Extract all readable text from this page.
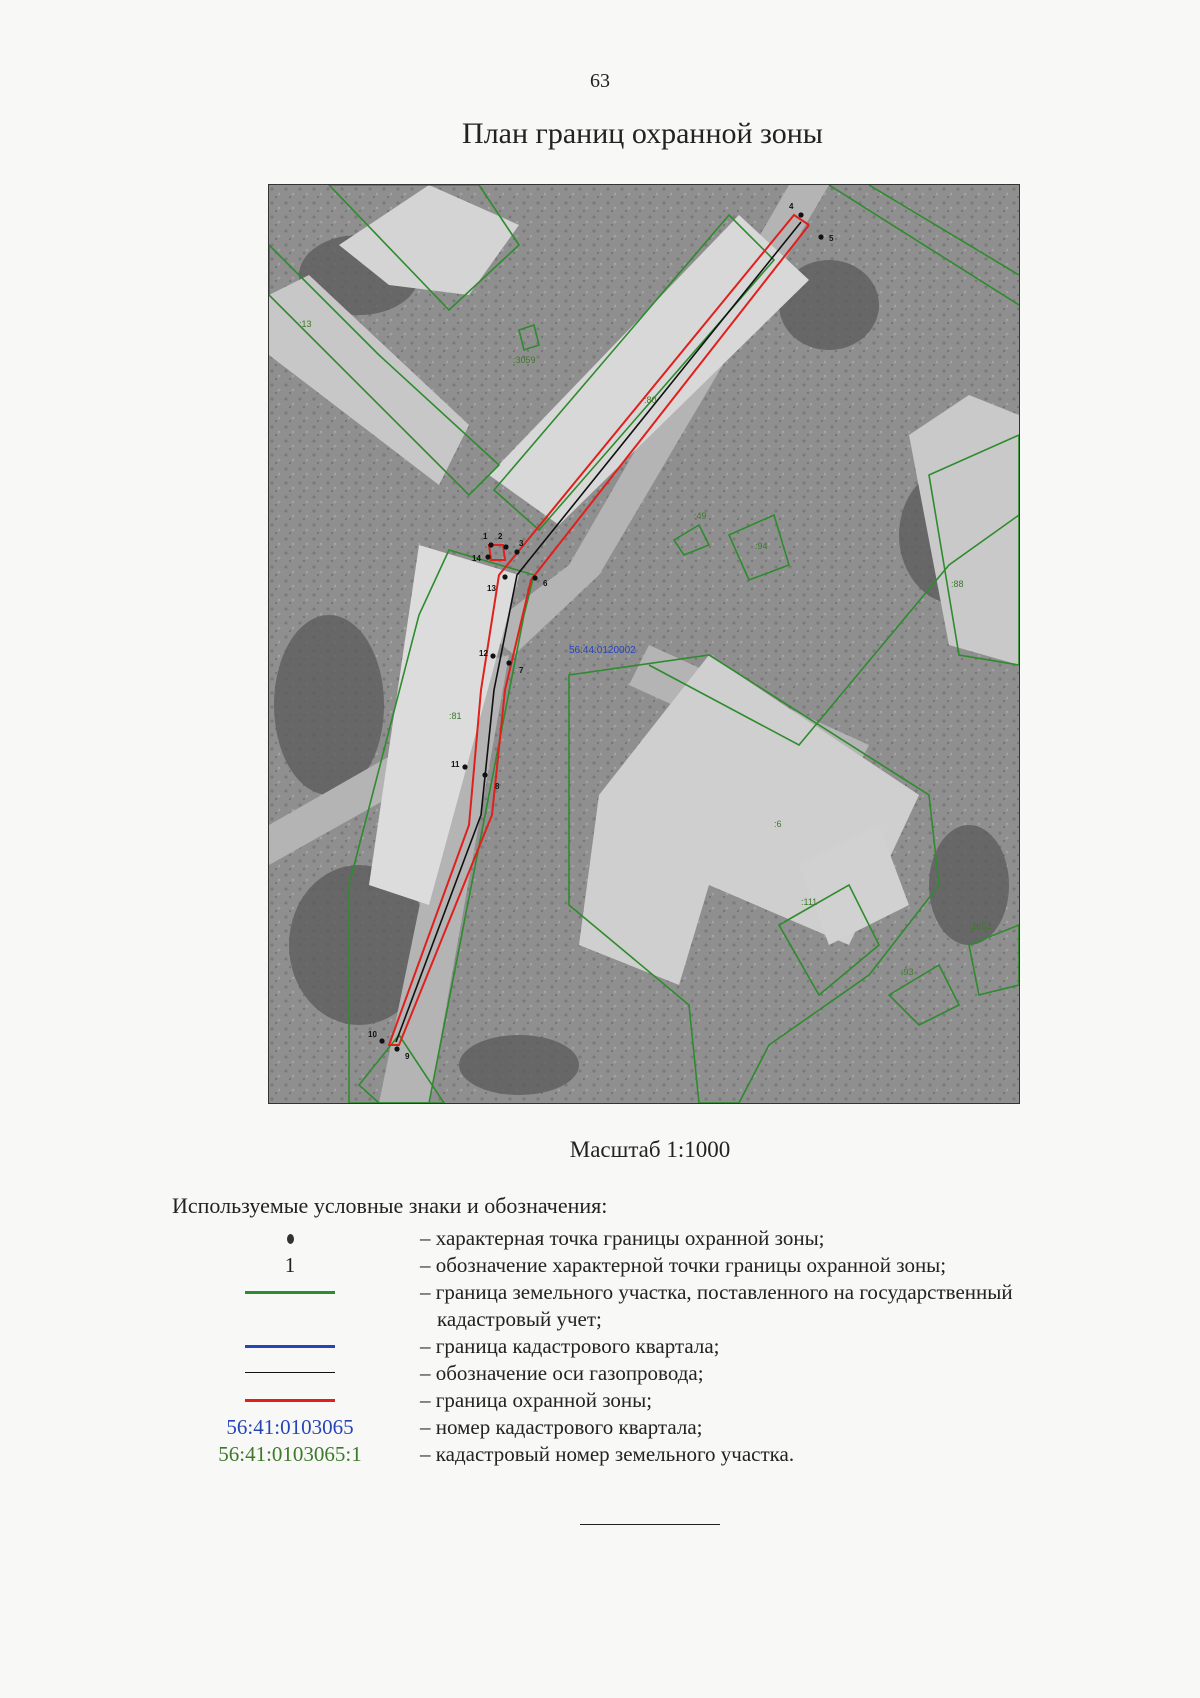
63
План границ охранной зоны
1 2
3
4
5
6
7
8
9
10
11
12
13
14
:13
:3059
:80
:49
:94
:88
:81
:6
:111
:1651
:93
56:44:0120002
Масштаб 1:1000
Используемые условные знаки и обозначения:
– характерная точка границы охранной зоны;
1	– обозначение характерной точки границы охранной зоны;
– граница земельного участка, поставленного на государственный
кадастровый учет;
– граница кадастрового квартала;
– обозначение оси газопровода;
– граница охранной зоны;
56:41:0103065	– номер кадастрового квартала;
56:41:0103065:1	– кадастровый номер земельного участка.
